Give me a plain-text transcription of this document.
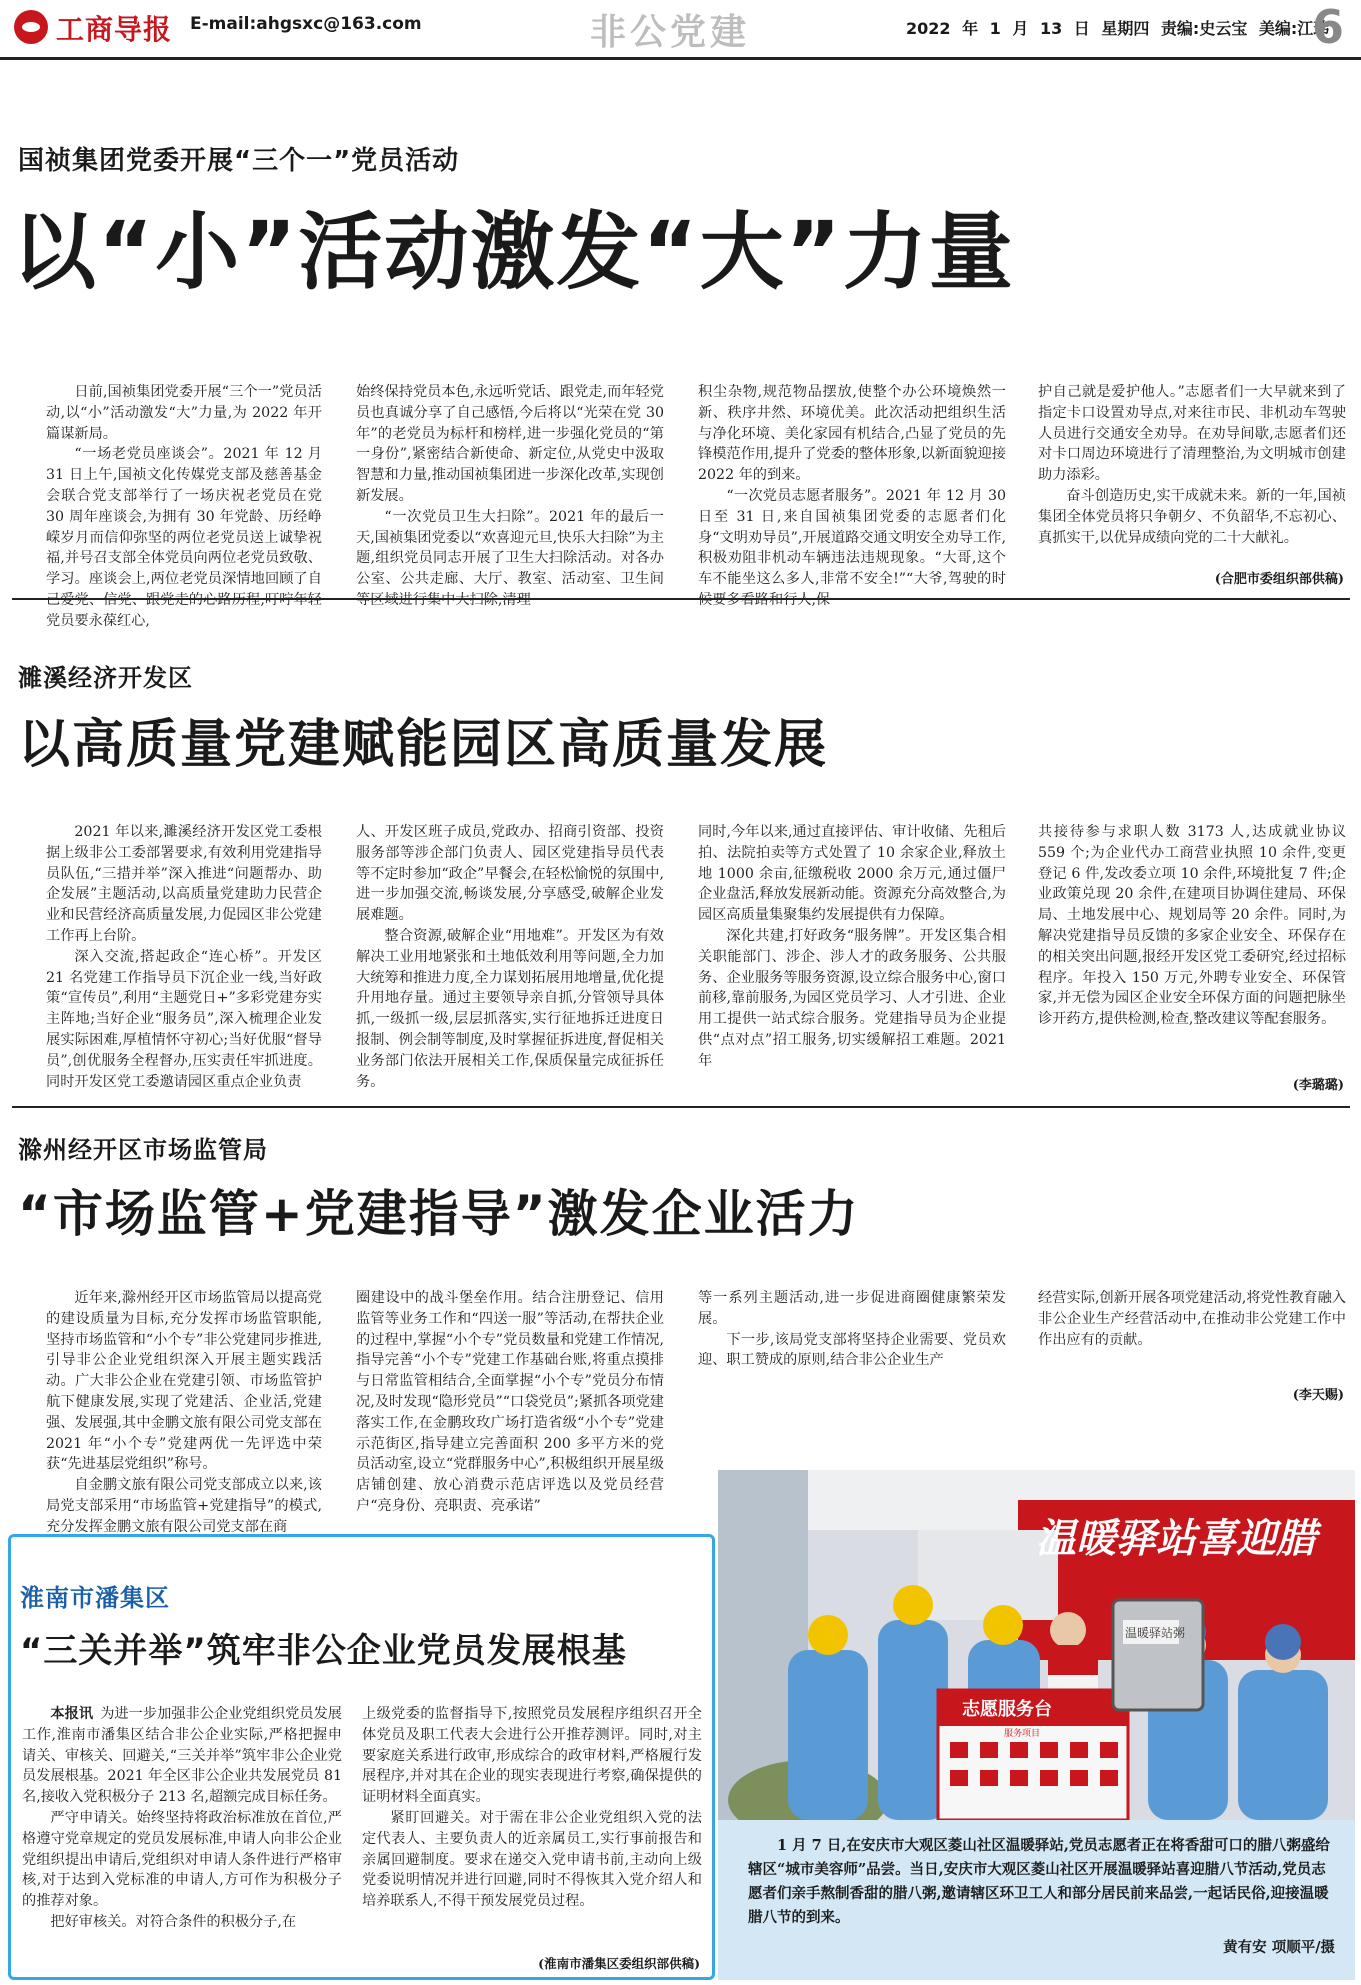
工商导报 E-mail:ahgsxc@163.com	非公党建	2022 年 1 月 13 日 星期四 责编:史云宝 美编:江玮
6
国祯集团党委开展“三个一”党员活动
以“小”活动激发“大”力量

日前,国祯集团党委开展“三个一”党员活动,以“小”活动激发“大”力量,为 2022 年开篇谋新局。

“一场老党员座谈会”。2021 年 12 月 31 日上午,国祯文化传媒党支部及慈善基金会联合党支部举行了一场庆祝老党员在党 30 周年座谈会,为拥有 30 年党龄、历经峥嵘岁月而信仰弥坚的两位老党员送上诚挚祝福,并号召支部全体党员向两位老党员致敬、学习。座谈会上,两位老党员深情地回顾了自己爱党、信党、跟党走的心路历程,叮咛年轻党员要永葆红心,

始终保持党员本色,永远听党话、跟党走,而年轻党员也真诚分享了自己感悟,今后将以“光荣在党 30 年”的老党员为标杆和榜样,进一步强化党员的“第一身份”,紧密结合新使命、新定位,从党史中汲取智慧和力量,推动国祯集团进一步深化改革,实现创新发展。

“一次党员卫生大扫除”。2021 年的最后一天,国祯集团党委以“欢喜迎元旦,快乐大扫除”为主题,组织党员同志开展了卫生大扫除活动。对各办公室、公共走廊、大厅、教室、活动室、卫生间等区域进行集中大扫除,清理

积尘杂物,规范物品摆放,使整个办公环境焕然一新、秩序井然、环境优美。此次活动把组织生活与净化环境、美化家园有机结合,凸显了党员的先锋模范作用,提升了党委的整体形象,以新面貌迎接 2022 年的到来。

“一次党员志愿者服务”。2021 年 12 月 30 日至 31 日,来自国祯集团党委的志愿者们化身“文明劝导员”,开展道路交通文明安全劝导工作,积极劝阻非机动车辆违法违规现象。“大哥,这个车不能坐这么多人,非常不安全!”“大爷,驾驶的时候要多看路和行人,保

护自己就是爱护他人。”志愿者们一大早就来到了指定卡口设置劝导点,对来往市民、非机动车驾驶人员进行交通安全劝导。在劝导间歇,志愿者们还对卡口周边环境进行了清理整治,为文明城市创建助力添彩。

奋斗创造历史,实干成就未来。新的一年,国祯集团全体党员将只争朝夕、不负韶华,不忘初心、真抓实干,以优异成绩向党的二十大献礼。

(合肥市委组织部供稿)
濉溪经济开发区
以高质量党建赋能园区高质量发展

2021 年以来,濉溪经济开发区党工委根据上级非公工委部署要求,有效利用党建指导员队伍,“三措并举”深入推进“问题帮办、助企发展”主题活动,以高质量党建助力民营企业和民营经济高质量发展,力促园区非公党建工作再上台阶。

深入交流,搭起政企“连心桥”。开发区 21 名党建工作指导员下沉企业一线,当好政策“宣传员”,利用“主题党日+”多彩党建夯实主阵地;当好企业“服务员”,深入梳理企业发展实际困难,厚植情怀守初心;当好优服“督导员”,创优服务全程督办,压实责任牢抓进度。同时开发区党工委邀请园区重点企业负责

人、开发区班子成员,党政办、招商引资部、投资服务部等涉企部门负责人、园区党建指导员代表等不定时参加“政企”早餐会,在轻松愉悦的氛围中,进一步加强交流,畅谈发展,分享感受,破解企业发展难题。

整合资源,破解企业“用地难”。开发区为有效解决工业用地紧张和土地低效利用等问题,全力加大统筹和推进力度,全力谋划拓展用地增量,优化提升用地存量。通过主要领导亲自抓,分管领导具体抓,一级抓一级,层层抓落实,实行征地拆迁进度日报制、例会制等制度,及时掌握征拆进度,督促相关业务部门依法开展相关工作,保质保量完成征拆任务。

同时,今年以来,通过直接评估、审计收储、先租后拍、法院拍卖等方式处置了 10 余家企业,释放土地 1000 余亩,征缴税收 2000 余万元,通过僵尸企业盘活,释放发展新动能。资源充分高效整合,为园区高质量集聚集约发展提供有力保障。

深化共建,打好政务“服务牌”。开发区集合相关职能部门、涉企、涉人才的政务服务、公共服务、企业服务等服务资源,设立综合服务中心,窗口前移,靠前服务,为园区党员学习、人才引进、企业用工提供一站式综合服务。党建指导员为企业提供“点对点”招工服务,切实缓解招工难题。2021 年

共接待参与求职人数 3173 人,达成就业协议 559 个;为企业代办工商营业执照 10 余件,变更登记 6 件,发改委立项 10 余件,环境批复 7 件;企业政策兑现 20 余件,在建项目协调住建局、环保局、土地发展中心、规划局等 20 余件。同时,为解决党建指导员反馈的多家企业安全、环保存在的相关突出问题,报经开发区党工委研究,经过招标程序。年投入 150 万元,外聘专业安全、环保管家,并无偿为园区企业安全环保方面的问题把脉坐诊开药方,提供检测,检查,整改建议等配套服务。

(李璐璐)
滁州经开区市场监管局
“市场监管+党建指导”激发企业活力

近年来,滁州经开区市场监管局以提高党的建设质量为目标,充分发挥市场监管职能,坚持市场监管和“小个专”非公党建同步推进,引导非公企业党组织深入开展主题实践活动。广大非公企业在党建引领、市场监管护航下健康发展,实现了党建活、企业活,党建强、发展强,其中金鹏文旅有限公司党支部在 2021 年“小个专”党建两优一先评选中荣获“先进基层党组织”称号。

自金鹏文旅有限公司党支部成立以来,该局党支部采用“市场监管+党建指导”的模式,充分发挥金鹏文旅有限公司党支部在商

圈建设中的战斗堡垒作用。结合注册登记、信用监管等业务工作和“四送一服”等活动,在帮扶企业的过程中,掌握“小个专”党员数量和党建工作情况,指导完善“小个专”党建工作基础台账,将重点摸排与日常监管相结合,全面掌握“小个专”党员分布情况,及时发现“隐形党员”“口袋党员”;紧抓各项党建落实工作,在金鹏玫玫广场打造省级“小个专”党建示范街区,指导建立完善面积 200 多平方米的党员活动室,设立“党群服务中心”,积极组织开展星级店铺创建、放心消费示范店评选以及党员经营户“亮身份、亮职责、亮承诺”

等一系列主题活动,进一步促进商圈健康繁荣发展。

下一步,该局党支部将坚持企业需要、党员欢迎、职工赞成的原则,结合非公企业生产

经营实际,创新开展各项党建活动,将党性教育融入非公企业生产经营活动中,在推动非公党建工作中作出应有的贡献。

(李天赐)
淮南市潘集区
“三关并举”筑牢非公企业党员发展根基

本报讯  为进一步加强非公企业党组织党员发展工作,淮南市潘集区结合非公企业实际,严格把握申请关、审核关、回避关,“三关并举”筑牢非公企业党员发展根基。2021 年全区非公企业共发展党员 81 名,接收入党积极分子 213 名,超额完成目标任务。

严守申请关。始终坚持将政治标准放在首位,严格遵守党章规定的党员发展标准,申请人向非公企业党组织提出申请后,党组织对申请人条件进行严格审核,对于达到入党标准的申请人,方可作为积极分子的推荐对象。

把好审核关。对符合条件的积极分子,在

上级党委的监督指导下,按照党员发展程序组织召开全体党员及职工代表大会进行公开推荐测评。同时,对主要家庭关系进行政审,形成综合的政审材料,严格履行发展程序,并对其在企业的现实表现进行考察,确保提供的证明材料全面真实。

紧盯回避关。对于需在非公企业党组织入党的法定代表人、主要负责人的近亲属员工,实行事前报告和亲属回避制度。要求在递交入党申请书前,主动向上级党委说明情况并进行回避,同时不得恢其入党介绍人和培养联系人,不得干预发展党员过程。

(淮南市潘集区委组织部供稿)
温暖驿站喜迎腊
温暖驿站粥
志愿服务台
服务项目
1 月 7 日,在安庆市大观区菱山社区温暖驿站,党员志愿者正在将香甜可口的腊八粥盛给辖区“城市美容师”品尝。当日,安庆市大观区菱山社区开展温暖驿站喜迎腊八节活动,党员志愿者们亲手熬制香甜的腊八粥,邀请辖区环卫工人和部分居民前来品尝,一起话民俗,迎接温暖腊八节的到来。
黄有安 项顺平/摄
